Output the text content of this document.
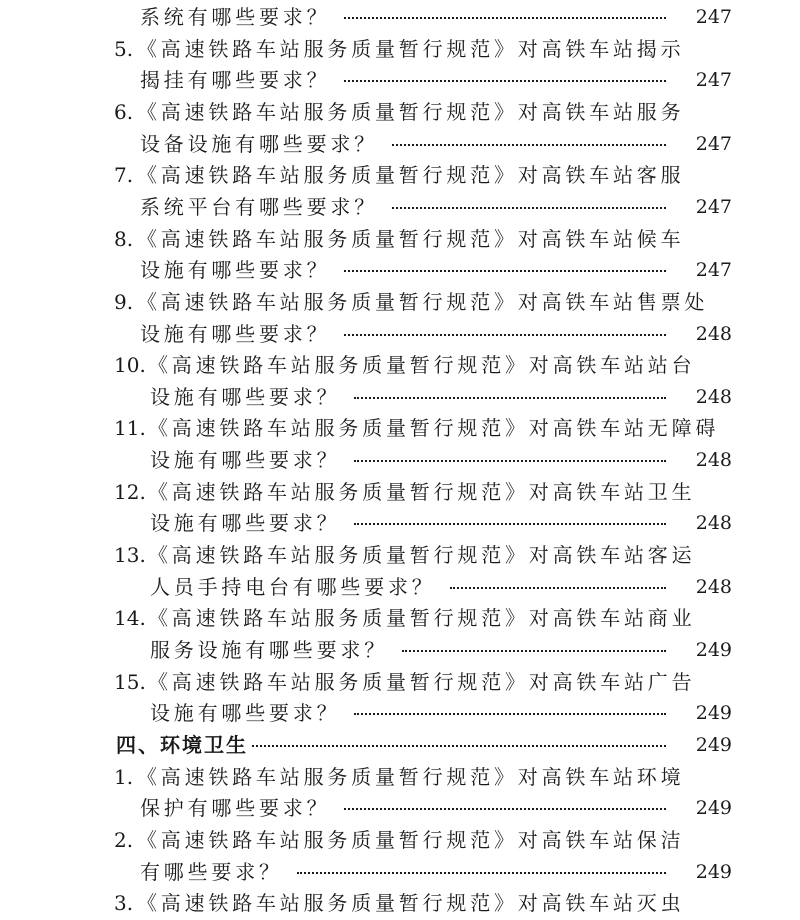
系统有哪些要求？	247
5. 《高速铁路车站服务质量暂行规范》对高铁车站揭示
揭挂有哪些要求？	247
6. 《高速铁路车站服务质量暂行规范》对高铁车站服务
设备设施有哪些要求？	247
7. 《高速铁路车站服务质量暂行规范》对高铁车站客服
系统平台有哪些要求？	247
8. 《高速铁路车站服务质量暂行规范》对高铁车站候车
设施有哪些要求？	247
9. 《高速铁路车站服务质量暂行规范》对高铁车站售票处
设施有哪些要求？	248
10. 《高速铁路车站服务质量暂行规范》对高铁车站站台
设施有哪些要求？	248
11. 《高速铁路车站服务质量暂行规范》对高铁车站无障碍
设施有哪些要求？	248
12. 《高速铁路车站服务质量暂行规范》对高铁车站卫生
设施有哪些要求？	248
13. 《高速铁路车站服务质量暂行规范》对高铁车站客运
人员手持电台有哪些要求？	248
14. 《高速铁路车站服务质量暂行规范》对高铁车站商业
服务设施有哪些要求？	249
15. 《高速铁路车站服务质量暂行规范》对高铁车站广告
设施有哪些要求？	249
四、环境卫生	249
1. 《高速铁路车站服务质量暂行规范》对高铁车站环境
保护有哪些要求？	249
2. 《高速铁路车站服务质量暂行规范》对高铁车站保洁
有哪些要求？	249
3. 《高速铁路车站服务质量暂行规范》对高铁车站灭虫
